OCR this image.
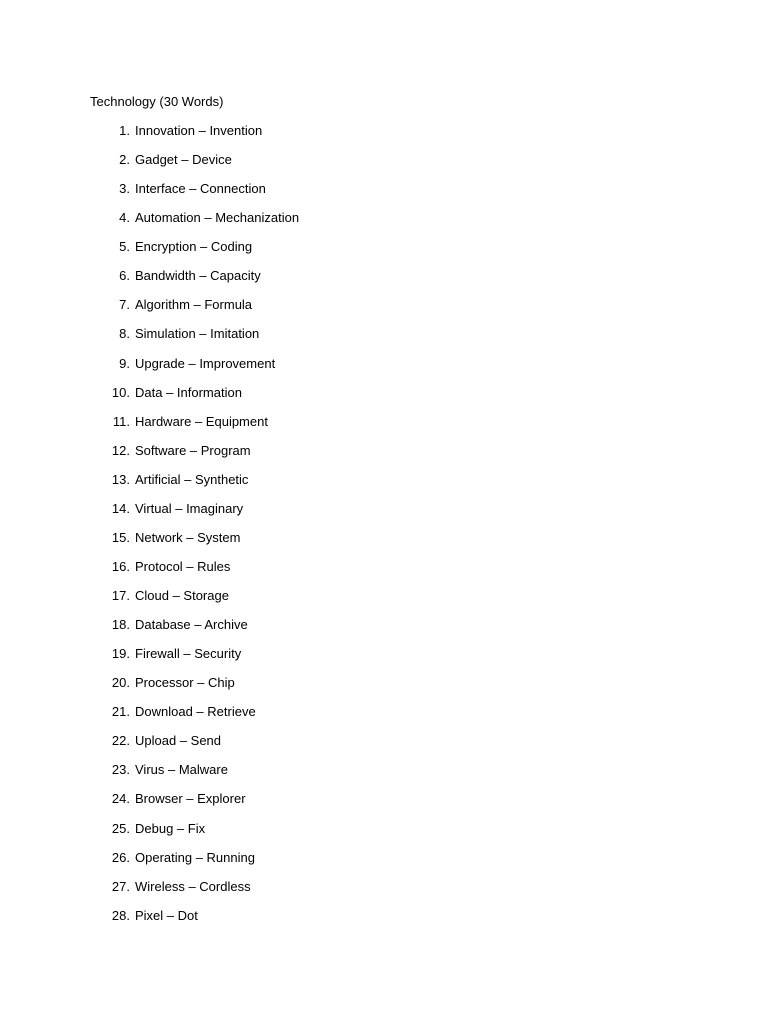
Technology (30 Words)
1. Innovation – Invention
2. Gadget – Device
3. Interface – Connection
4. Automation – Mechanization
5. Encryption – Coding
6. Bandwidth – Capacity
7. Algorithm – Formula
8. Simulation – Imitation
9. Upgrade – Improvement
10. Data – Information
11. Hardware – Equipment
12. Software – Program
13. Artificial – Synthetic
14. Virtual – Imaginary
15. Network – System
16. Protocol – Rules
17. Cloud – Storage
18. Database – Archive
19. Firewall – Security
20. Processor – Chip
21. Download – Retrieve
22. Upload – Send
23. Virus – Malware
24. Browser – Explorer
25. Debug – Fix
26. Operating – Running
27. Wireless – Cordless
28. Pixel – Dot
